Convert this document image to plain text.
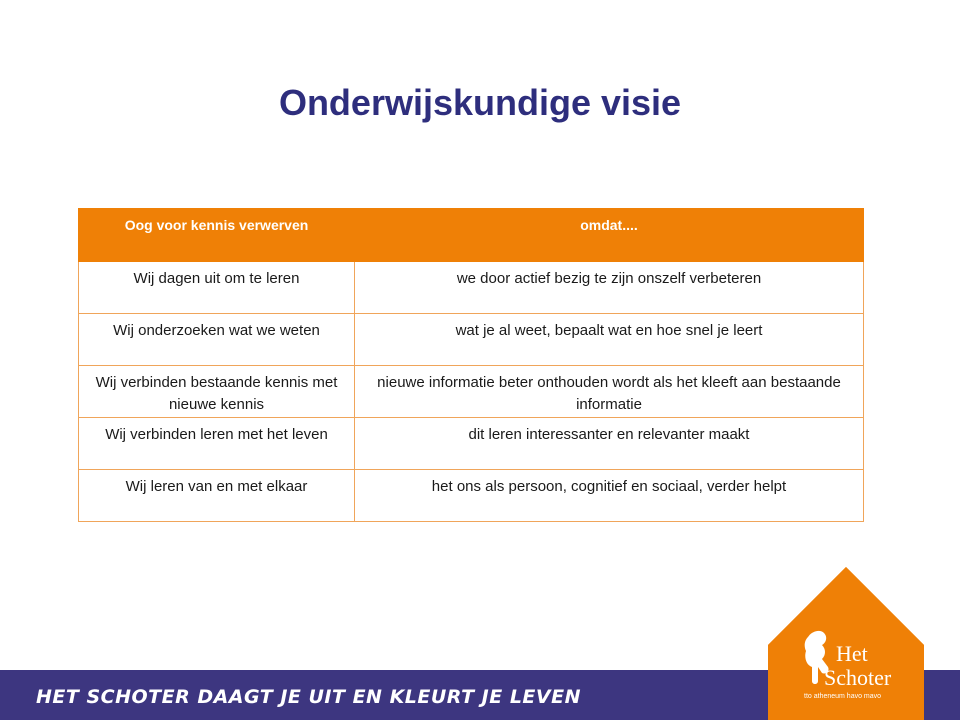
Onderwijskundige visie
Oog voor kennis verwerven	omdat....
Wij dagen uit om te leren	we door actief bezig te zijn onszelf verbeteren
Wij onderzoeken wat we weten	wat je al weet, bepaalt wat en hoe snel je leert
Wij verbinden bestaande kennis met nieuwe kennis	nieuwe informatie beter onthouden wordt als het kleeft aan bestaande informatie
Wij verbinden leren met het leven	dit leren interessanter en relevanter maakt
Wij leren van en met elkaar	het ons als persoon, cognitief en sociaal, verder helpt
HET SCHOTER DAAGT JE UIT EN KLEURT JE LEVEN
Het
Schoter
tto atheneum havo mavo
